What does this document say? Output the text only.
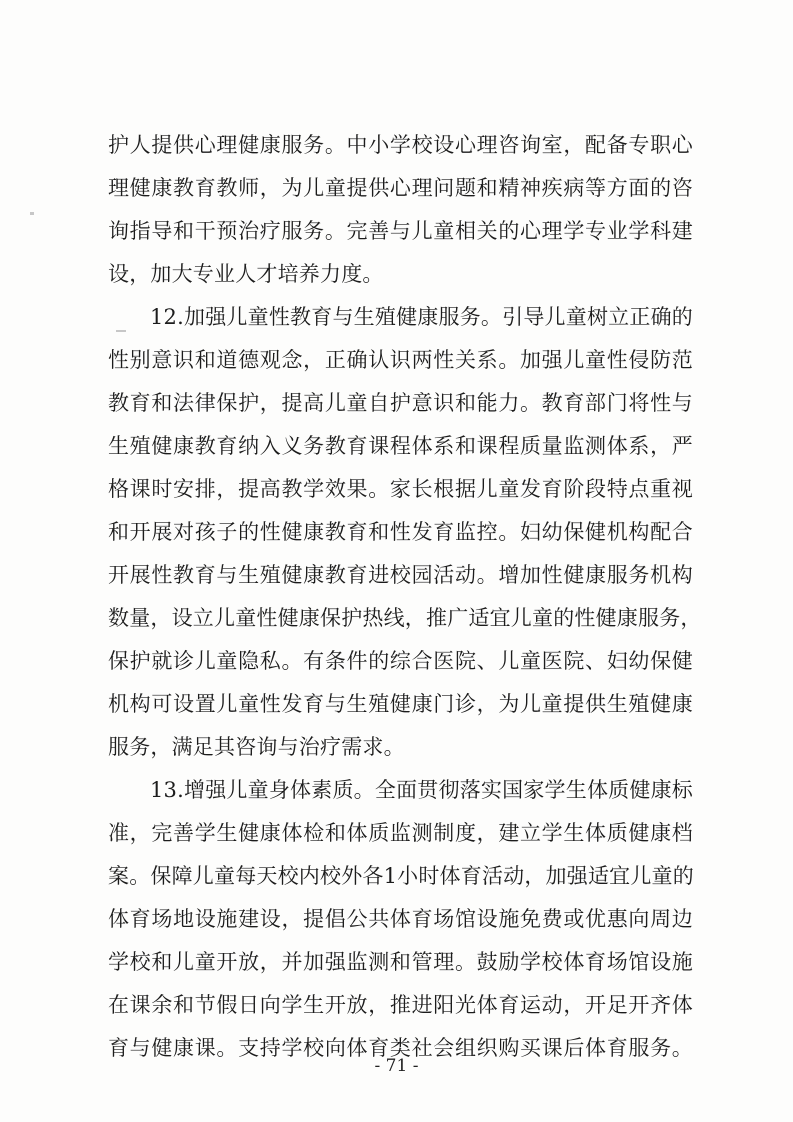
护人提供心理健康服务。中小学校设心理咨询室，配备专职心
理健康教育教师，为儿童提供心理问题和精神疾病等方面的咨
询指导和干预治疗服务。完善与儿童相关的心理学专业学科建
设，加大专业人才培养力度。
12.加强儿童性教育与生殖健康服务。引导儿童树立正确的
性别意识和道德观念，正确认识两性关系。加强儿童性侵防范
教育和法律保护，提高儿童自护意识和能力。教育部门将性与
生殖健康教育纳入义务教育课程体系和课程质量监测体系，严
格课时安排，提高教学效果。家长根据儿童发育阶段特点重视
和开展对孩子的性健康教育和性发育监控。妇幼保健机构配合
开展性教育与生殖健康教育进校园活动。增加性健康服务机构
数量，设立儿童性健康保护热线，推广适宜儿童的性健康服务，
保护就诊儿童隐私。有条件的综合医院、儿童医院、妇幼保健
机构可设置儿童性发育与生殖健康门诊，为儿童提供生殖健康
服务，满足其咨询与治疗需求。
13.增强儿童身体素质。全面贯彻落实国家学生体质健康标
准，完善学生健康体检和体质监测制度，建立学生体质健康档
案。保障儿童每天校内校外各1小时体育活动，加强适宜儿童的
体育场地设施建设，提倡公共体育场馆设施免费或优惠向周边
学校和儿童开放，并加强监测和管理。鼓励学校体育场馆设施
在课余和节假日向学生开放，推进阳光体育运动，开足开齐体
育与健康课。支持学校向体育类社会组织购买课后体育服务。
- 71 -
